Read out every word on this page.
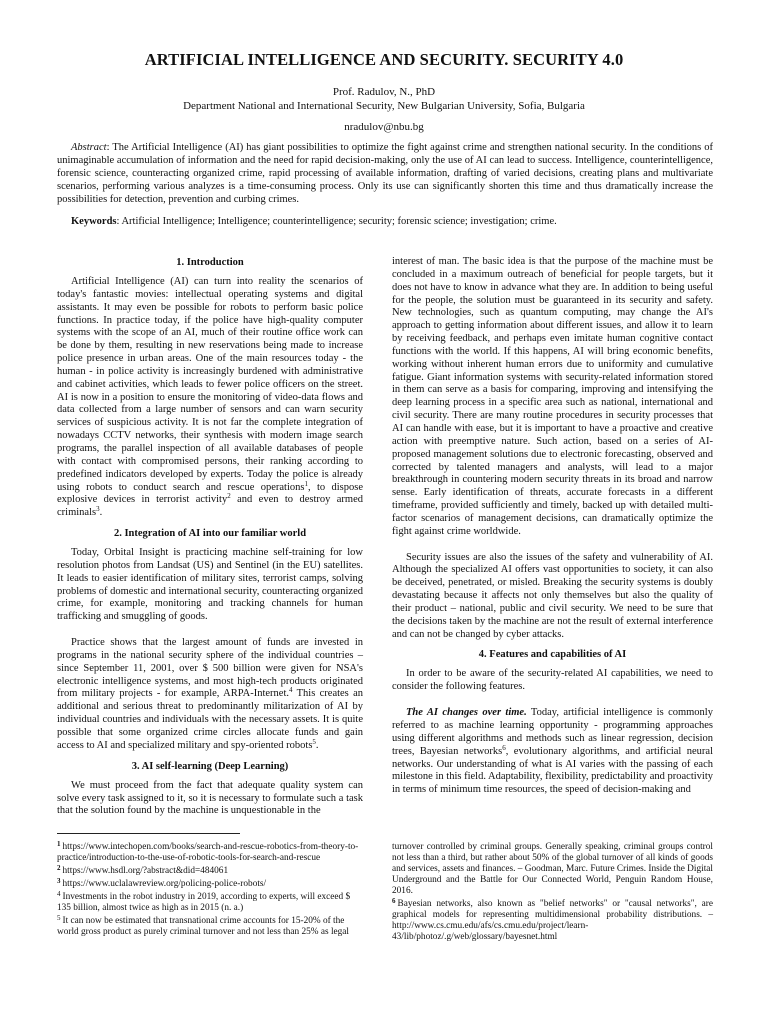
ARTIFICIAL INTELLIGENCE AND SECURITY. SECURITY 4.0
Prof. Radulov, N., PhD
Department National and International Security, New Bulgarian University, Sofia, Bulgaria
nradulov@nbu.bg

Abstract: The Artificial Intelligence (AI) has giant possibilities to optimize the fight against crime and strengthen national security. In the conditions of unimaginable accumulation of information and the need for rapid decision-making, only the use of AI can lead to success. Intelligence, counterintelligence, forensic science, counteracting organized crime, rapid processing of available information, drafting of varied decisions, creating plans and multivariate scenarios, performing various analyzes is a time-consuming process. Only its use can significantly shorten this time and thus dramatically increase the possibilities for detection, prevention and curbing crimes.

Keywords: Artificial Intelligence; Intelligence; counterintelligence; security; forensic science; investigation; crime.

1. Introduction

Artificial Intelligence (AI) can turn into reality the scenarios of today's fantastic movies: intellectual operating systems and digital assistants. It may even be possible for robots to perform basic police functions. In practice today, if the police have high-quality computer systems with the scope of an AI, much of their routine office work can be done by them, resulting in new reservations being made to increase police presence in urban areas. One of the main resources today - the human - in police activity is increasingly burdened with administrative and cabinet activities, which leads to fewer police officers on the street. AI is now in a position to ensure the monitoring of video-data flows and data collected from a large number of sensors and can warn security services of suspicious activity. It is not far the complete integration of nowadays CCTV networks, their synthesis with modern image search programs, the parallel inspection of all available databases of people with contact with compromised persons, their ranking according to predefined indicators developed by experts. Today the police is already using robots to conduct search and rescue operations$^1$, to dispose explosive devices in terrorist activity$^2$ and even to destroy armed criminals$^3$.

2. Integration of AI into our familiar world

Today, Orbital Insight is practicing machine self-training for low resolution photos from Landsat (US) and Sentinel (in the EU) satellites. It leads to easier identification of military sites, terrorist camps, solving problems of domestic and international security, counteracting organized crime, for example, monitoring and tracking channels for human trafficking and smuggling of goods.

Practice shows that the largest amount of funds are invested in programs in the national security sphere of the individual countries – since September 11, 2001, over $ 500 billion were given for NSA's electronic intelligence systems, and most high-tech products originated from military projects - for example, ARPA-Internet.$^4$ This creates an additional and serious threat to predominantly militarization of AI by individual countries and individuals with the necessary assets. It is quite possible that some organized crime circles allocate funds and gain access to AI and specialized military and spy-oriented robots$^5$.

3. AI self-learning (Deep Learning)

We must proceed from the fact that adequate quality system can solve every task assigned to it, so it is necessary to formulate such a task that the solution found by the machine is unquestionable in the

interest of man. The basic idea is that the purpose of the machine must be concluded in a maximum outreach of beneficial for people targets, but it does not have to know in advance what they are. In addition to being useful for the people, the solution must be guaranteed in its security and safety. New technologies, such as quantum computing, may change the AI's approach to getting information about different issues, and allow it to learn by receiving feedback, and perhaps even imitate human cognitive contact functions with the world. If this happens, AI will bring economic benefits, working without inherent human errors due to uniformity and cumulative fatigue. Giant information systems with security-related information stored in them can serve as a basis for comparing, improving and intensifying the deep learning process in a specific area such as national, international and civil security. There are many routine procedures in security processes that AI can handle with ease, but it is important to have a proactive and creative action with preemptive nature. Such action, based on a series of AI-proposed management solutions due to electronic forecasting, observed and corrected by talented managers and analysts, will lead to a major breakthrough in countering modern security threats in its broad and narrow sense. Early identification of threats, accurate forecasts in a different timeframe, provided sufficiently and timely, backed up with detailed multi-factor scenarios of management decisions, can dramatically optimize the fight against crime worldwide.

Security issues are also the issues of the safety and vulnerability of AI. Although the specialized AI offers vast opportunities to society, it can also be deceived, penetrated, or misled. Breaking the security systems is doubly devastating because it affects not only themselves but also the quality of their product – national, public and civil security. We need to be sure that the decisions taken by the machine are not the result of external interference and can not be changed by cyber attacks.

4. Features and capabilities of AI

In order to be aware of the security-related AI capabilities, we need to consider the following features.

The AI changes over time. Today, artificial intelligence is commonly referred to as machine learning opportunity - programming approaches using different algorithms and methods such as linear regression, decision trees, Bayesian networks$^6$, evolutionary algorithms, and artificial neural networks. Our understanding of what is AI varies with the passing of each milestone in this field. Adaptability, flexibility, predictability and proactivity in terms of minimum time resources, the speed of decision-making and

$^1$ https://www.intechopen.com/books/search-and-rescue-robotics-from-theory-to-practice/introduction-to-the-use-of-robotic-tools-for-search-and-rescue

$^2$ https://www.hsdl.org/?abstract&did=484061

$^3$ https://www.uclalawreview.org/policing-police-robots/

$^4$ Investments in the robot industry in 2019, according to experts, will exceed $ 135 billion, almost twice as high as in 2015 (n. a.)

$^5$ It can now be estimated that transnational crime accounts for 15-20% of the world gross product as purely criminal turnover and not less than 25% as legal

turnover controlled by criminal groups. Generally speaking, criminal groups control not less than a third, but rather about 50% of the global turnover of all kinds of goods and services, assets and finances. – Goodman, Marc. Future Crimes. Inside the Digital Underground and the Battle for Our Connected World, Penguin Random House, 2016.

$^6$ Bayesian networks, also known as "belief networks" or "causal networks", are graphical models for representing multidimensional probability distributions. – http://www.cs.cmu.edu/afs/cs.cmu.edu/project/learn-43/lib/photoz/.g/web/glossary/bayesnet.html
